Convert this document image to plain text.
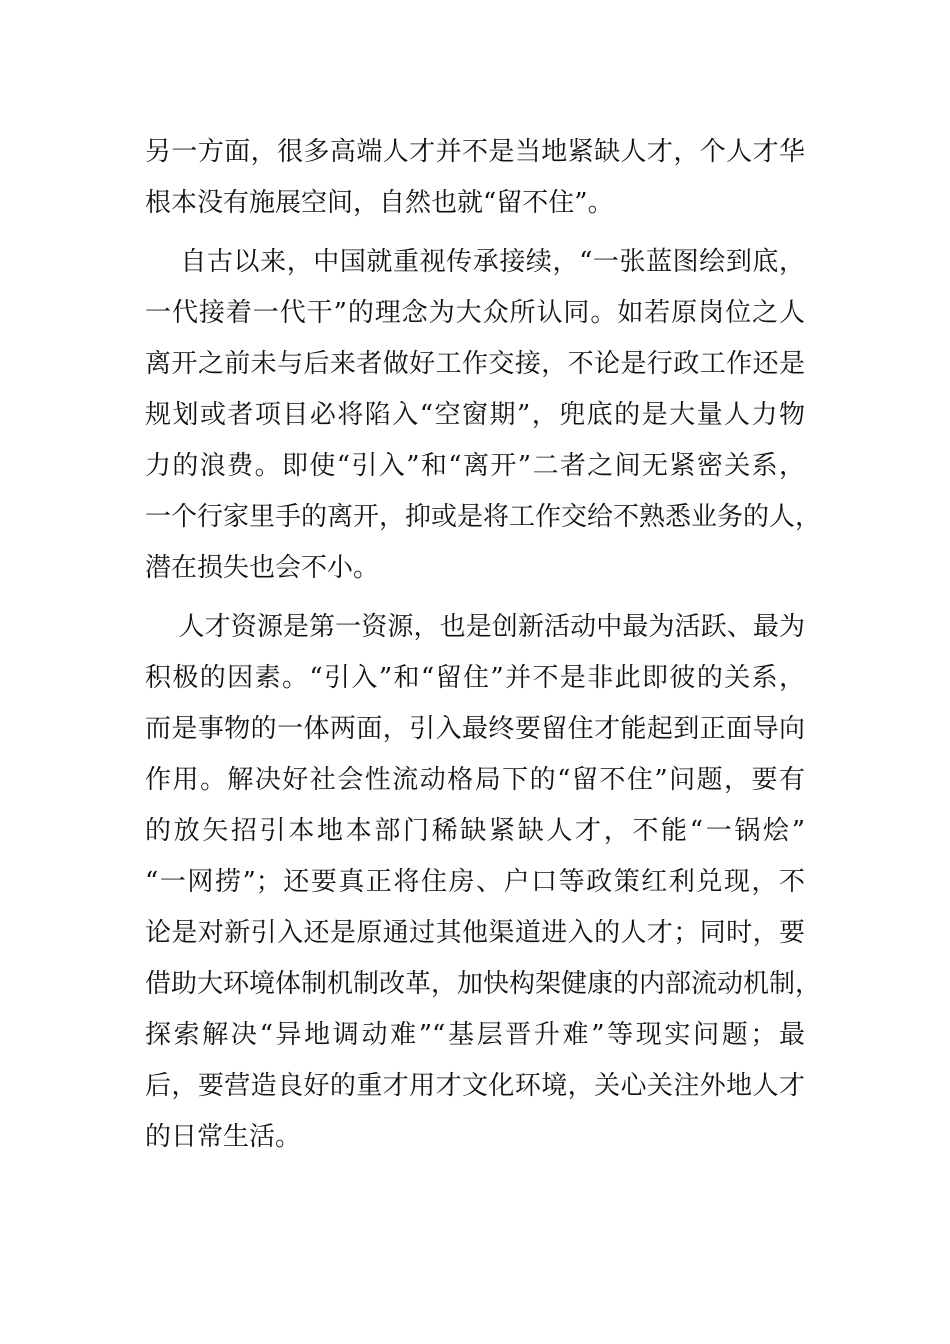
另一方面，很多高端人才并不是当地紧缺人才，个人才华
根本没有施展空间，自然也就“留不住”。
自古以来，中国就重视传承接续，“一张蓝图绘到底，
一代接着一代干”的理念为大众所认同。如若原岗位之人
离开之前未与后来者做好工作交接，不论是行政工作还是
规划或者项目必将陷入“空窗期”，兜底的是大量人力物
力的浪费。即使“引入”和“离开”二者之间无紧密关系，
一个行家里手的离开，抑或是将工作交给不熟悉业务的人，
潜在损失也会不小。
人才资源是第一资源，也是创新活动中最为活跃、最为
积极的因素。“引入”和“留住”并不是非此即彼的关系，
而是事物的一体两面，引入最终要留住才能起到正面导向
作用。解决好社会性流动格局下的“留不住”问题，要有
的放矢招引本地本部门稀缺紧缺人才，不能“一锅烩”
“一网捞”；还要真正将住房、户口等政策红利兑现，不
论是对新引入还是原通过其他渠道进入的人才；同时，要
借助大环境体制机制改革，加快构架健康的内部流动机制，
探索解决“异地调动难”“基层晋升难”等现实问题；最
后，要营造良好的重才用才文化环境，关心关注外地人才
的日常生活。
